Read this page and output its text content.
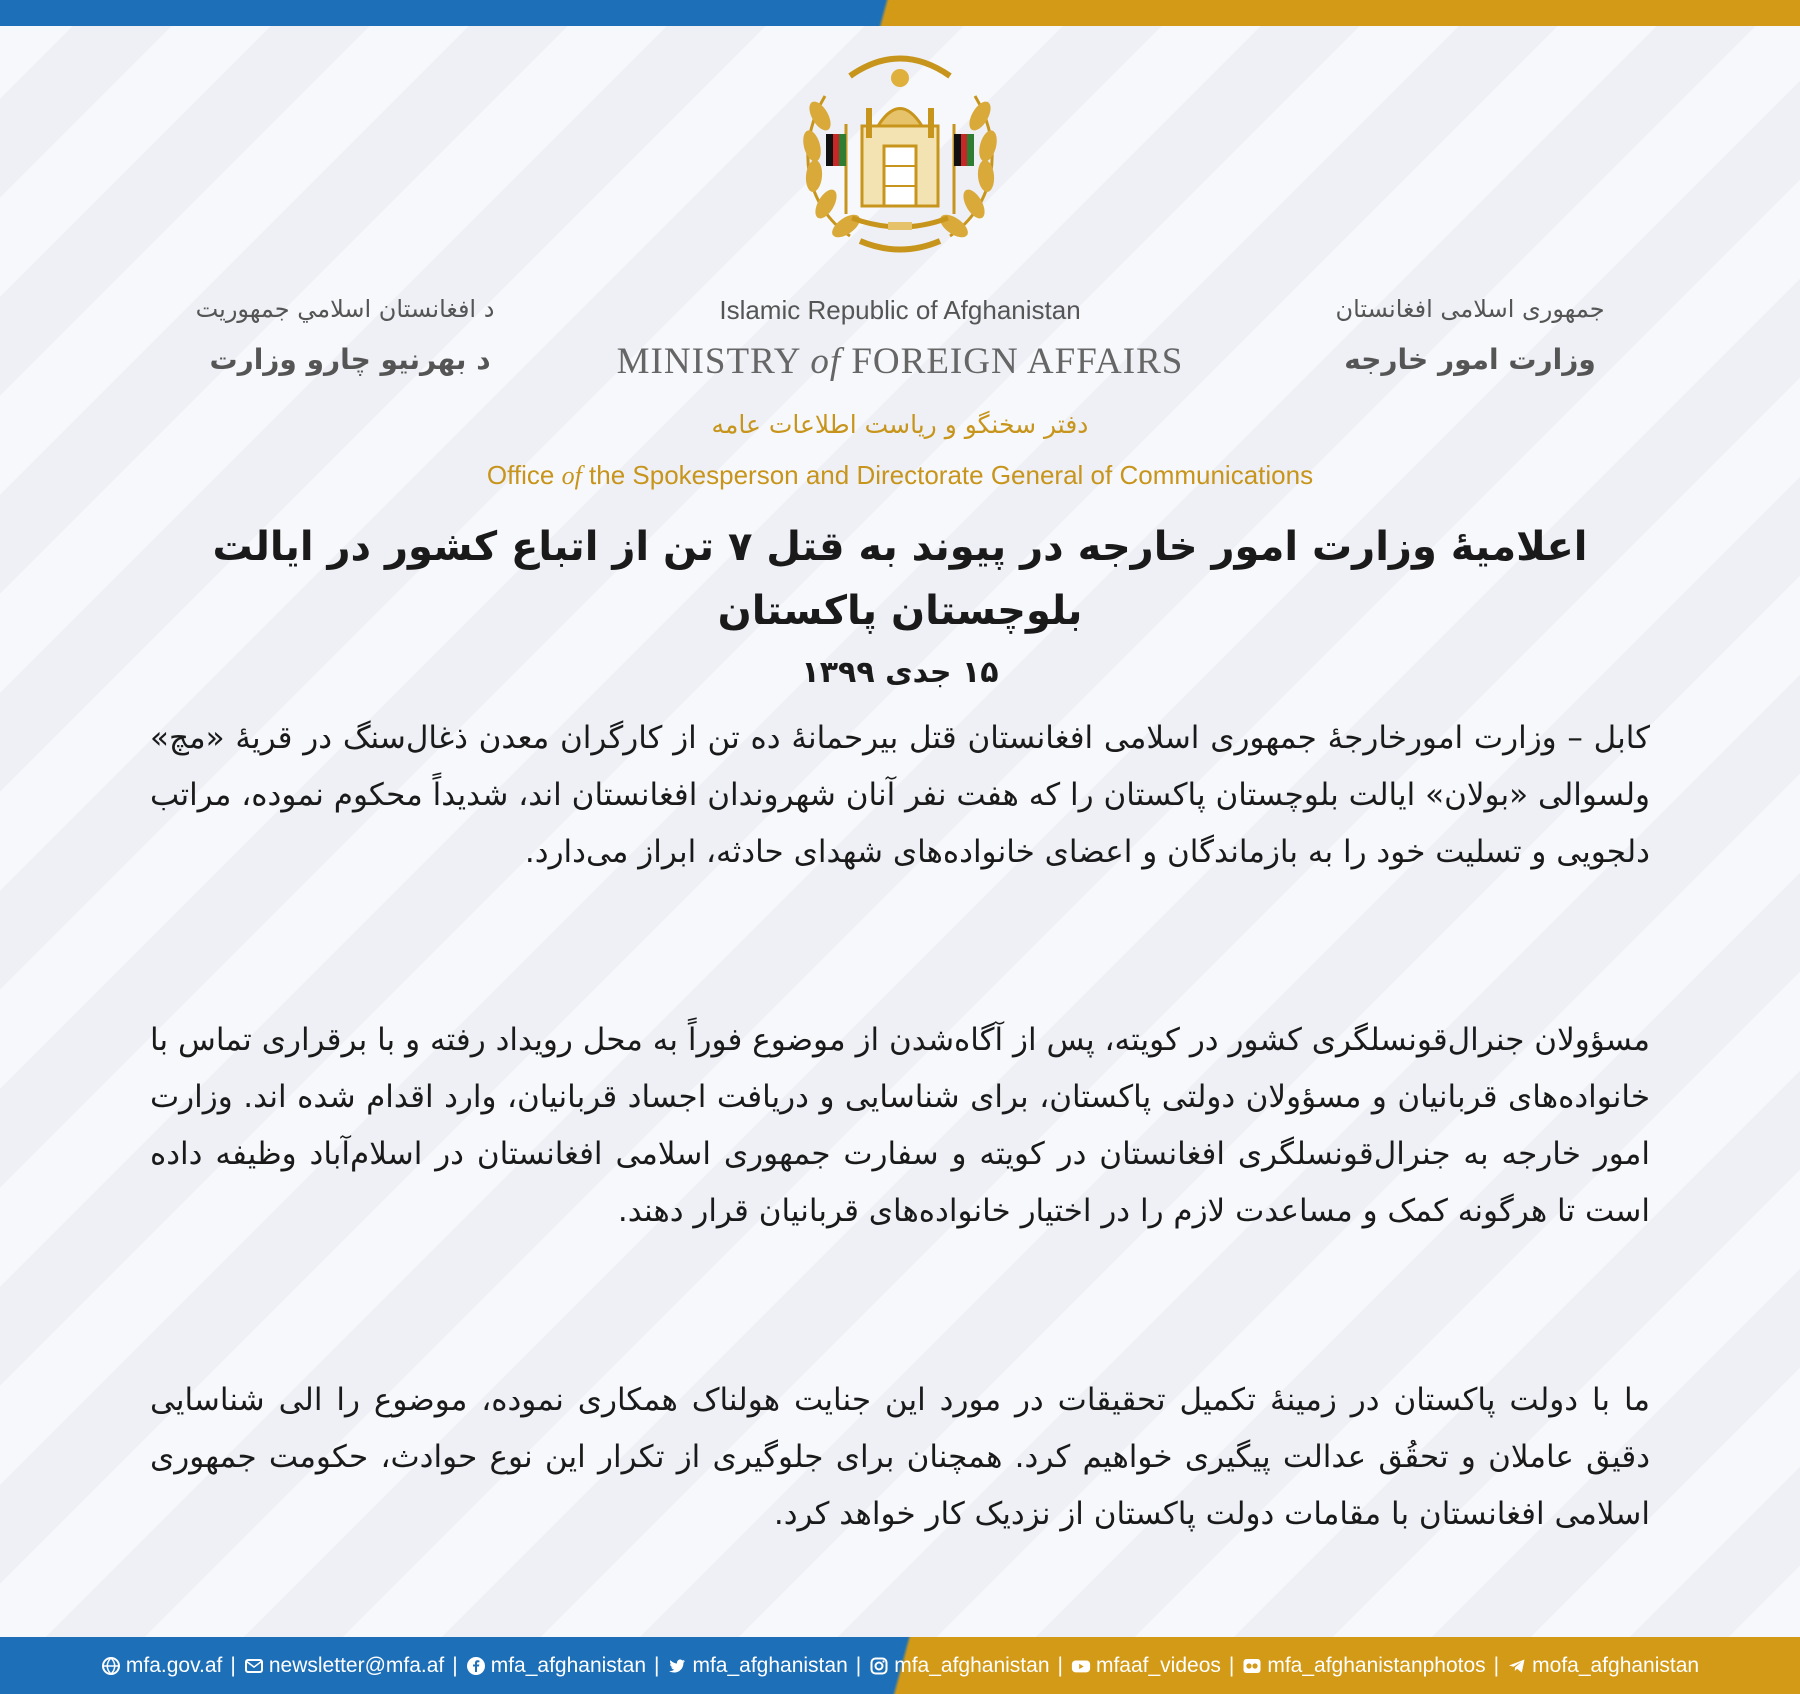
جمهوری اسلامی افغانستان
وزارت امور خارجه
د افغانستان اسلامي جمهوریت
د بهرنیو چارو وزارت
Islamic Republic of Afghanistan
MINISTRY of FOREIGN AFFAIRS
دفتر سخنگو و ریاست اطلاعات عامه
Office of the Spokesperson and Directorate General of Communications
اعلامیهٔ وزارت امور خارجه در پیوند به قتل ۷ تن از اتباع کشور در ایالت بلوچستان پاکستان
۱۵ جدی ۱۳۹۹
کابل – وزارت امورخارجهٔ جمهوری اسلامی افغانستان قتل بیرحمانهٔ ده تن از کارگران معدن ذغال‌سنگ در قریهٔ «مچ» ولسوالی «بولان» ایالت بلوچستان پاکستان را که هفت نفر آنان شهروندان افغانستان اند، شدیداً محکوم نموده، مراتب دلجویی و تسلیت خود را به بازماندگان و اعضای خانواده‌های شهدای حادثه، ابراز می‌دارد.
مسؤولان جنرال‌قونسلگری کشور در کویته، پس از آگاه‌شدن از موضوع فوراً به محل رویداد رفته و با برقراری تماس با خانواده‌های قربانیان و مسؤولان دولتی پاکستان، برای شناسایی و دریافت اجساد قربانیان، وارد اقدام شده اند. وزارت امور خارجه به جنرال‌قونسلگری افغانستان در کویته و سفارت جمهوری اسلامی افغانستان در اسلام‌آباد وظیفه داده است تا هرگونه کمک و مساعدت لازم را در اختیار خانواده‌های قربانیان قرار دهند.
ما با دولت پاکستان در زمینهٔ تکمیل تحقیقات در مورد این جنایت هولناک همکاری نموده، موضوع را الی شناسایی دقیق عاملان و تحقُق عدالت پیگیری خواهیم کرد. همچنان برای جلوگیری از تکرار این نوع حوادث، حکومت جمهوری اسلامی افغانستان با مقامات دولت پاکستان از نزدیک کار خواهد کرد.
mfa.gov.af | newsletter@mfa.af | mfa_afghanistan | mfa_afghanistan | mfa_afghanistan | mfaaf_videos | mfa_afghanistanphotos | mofa_afghanistan
